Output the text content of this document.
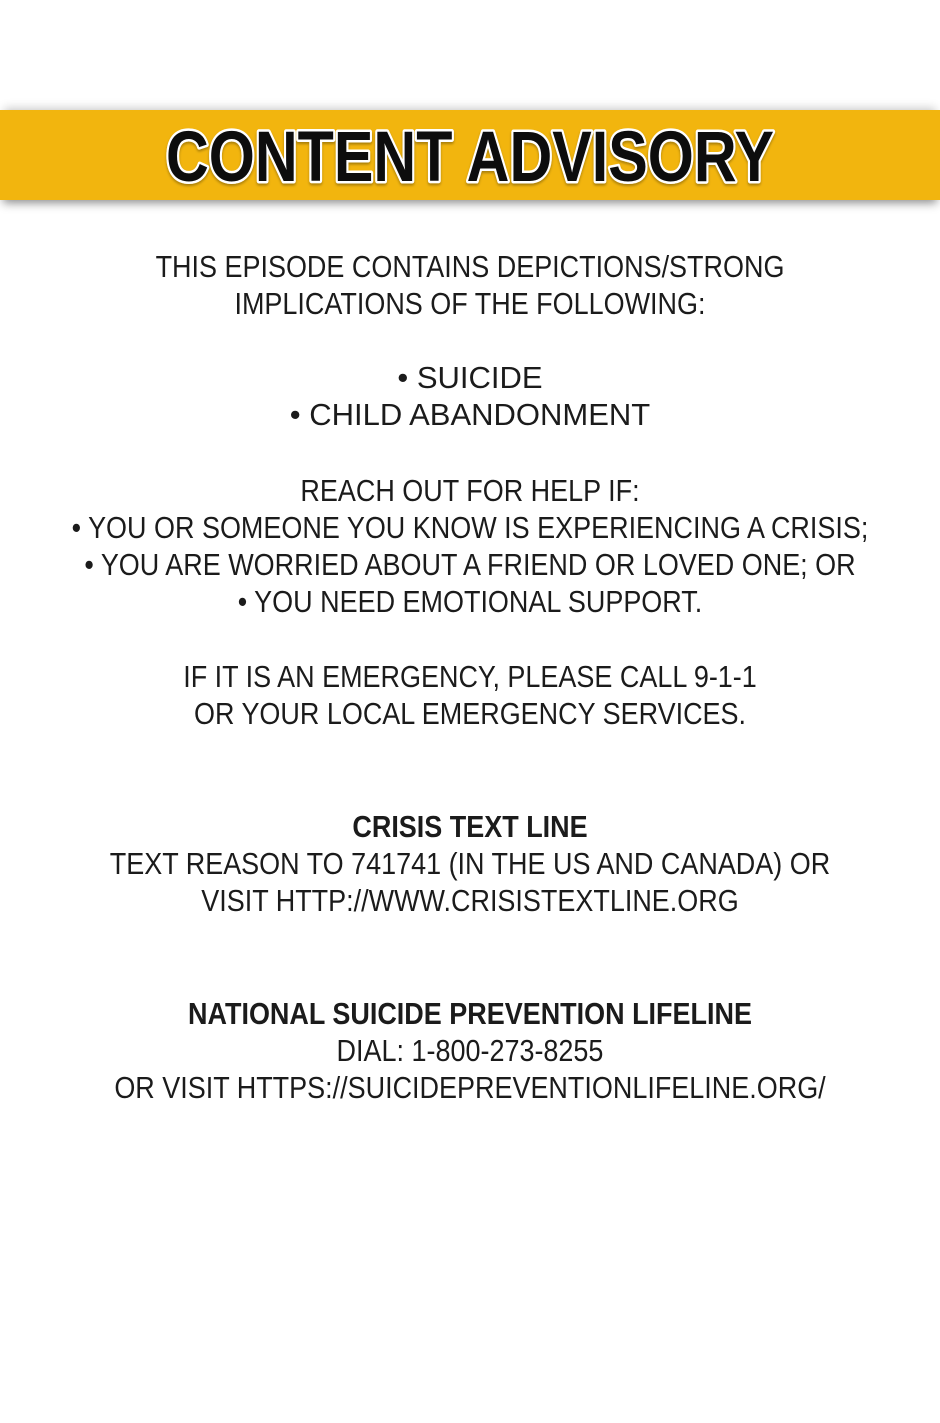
CONTENT ADVISORY

THIS EPISODE CONTAINS DEPICTIONS/STRONG
IMPLICATIONS OF THE FOLLOWING:

• SUICIDE
• CHILD ABANDONMENT
REACH OUT FOR HELP IF:
• YOU OR SOMEONE YOU KNOW IS EXPERIENCING A CRISIS;
• YOU ARE WORRIED ABOUT A FRIEND OR LOVED ONE; OR
• YOU NEED EMOTIONAL SUPPORT.

IF IT IS AN EMERGENCY, PLEASE CALL 9-1-1
OR YOUR LOCAL EMERGENCY SERVICES.

CRISIS TEXT LINE
TEXT REASON TO 741741 (IN THE US AND CANADA) OR
VISIT HTTP://WWW.CRISISTEXTLINE.ORG
NATIONAL SUICIDE PREVENTION LIFELINE
DIAL: 1-800-273-8255
OR VISIT HTTPS://SUICIDEPREVENTIONLIFELINE.ORG/
